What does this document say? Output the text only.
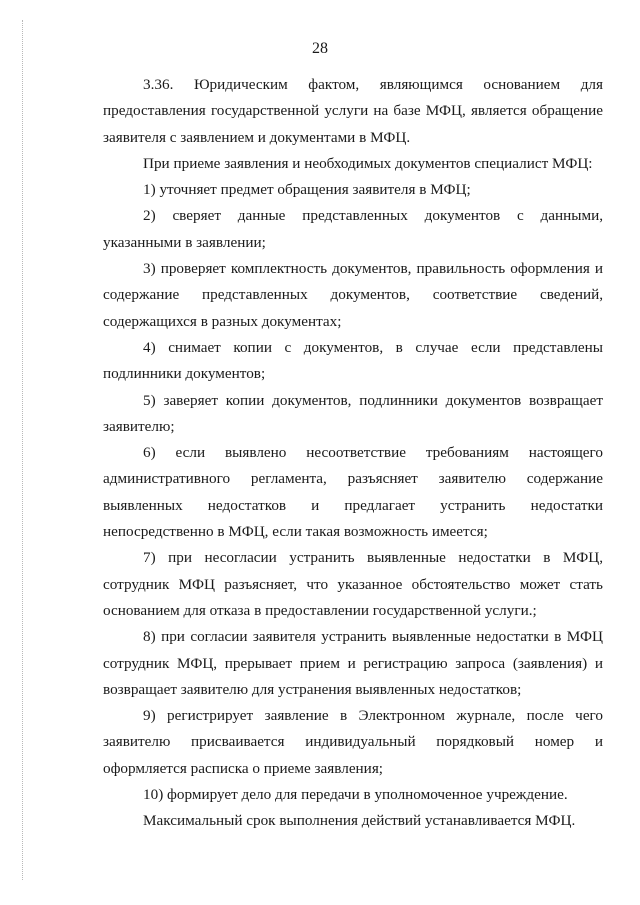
28

3.36. Юридическим фактом, являющимся основанием для предоставления государственной услуги на базе МФЦ, является обращение заявителя с заявлением и документами в МФЦ.

При приеме заявления и необходимых документов специалист МФЦ:

1) уточняет предмет обращения заявителя в МФЦ;

2) сверяет данные представленных документов с данными, указанными в заявлении;

3) проверяет комплектность документов, правильность оформления и содержание представленных документов, соответствие сведений, содержащихся в разных документах;

4) снимает копии с документов, в случае если представлены подлинники документов;

5) заверяет копии документов, подлинники документов возвращает заявителю;

6) если выявлено несоответствие требованиям настоящего административного регламента, разъясняет заявителю содержание выявленных недостатков и предлагает устранить недостатки непосредственно в МФЦ, если такая возможность имеется;

7) при несогласии устранить выявленные недостатки в МФЦ, сотрудник МФЦ разъясняет, что указанное обстоятельство может стать основанием для отказа в предоставлении государственной услуги.;

8) при согласии заявителя устранить выявленные недостатки в МФЦ сотрудник МФЦ, прерывает прием и регистрацию запроса (заявления) и возвращает заявителю для устранения выявленных недостатков;

9) регистрирует заявление в Электронном журнале, после чего заявителю присваивается индивидуальный порядковый номер и оформляется расписка о приеме заявления;

10) формирует дело для передачи в уполномоченное учреждение.

Максимальный срок выполнения действий устанавливается МФЦ.
